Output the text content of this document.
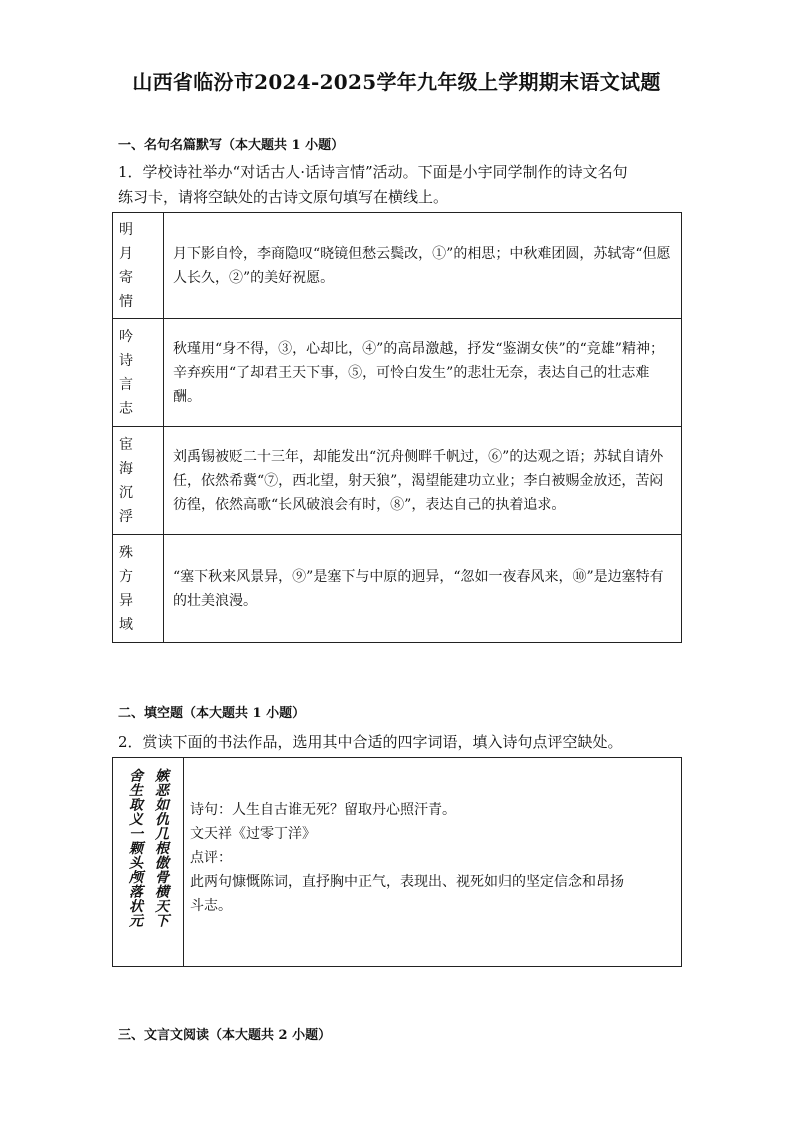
山西省临汾市2024-2025学年九年级上学期期末语文试题
一、名句名篇默写（本大题共 1 小题）
1．学校诗社举办“对话古人·话诗言情”活动。下面是小宇同学制作的诗文名句
练习卡，请将空缺处的古诗文原句填写在横线上。
明
月
寄
情	月下影自怜，李商隐叹“晓镜但愁云鬓改，①”的相思；中秋难团圆，苏轼寄“但愿人长久，②”的美好祝愿。

吟
诗
言
志	秋瑾用“身不得，③，心却比，④”的高昂激越，抒发“鉴湖女侠”的“竞雄”精神；辛弃疾用“了却君王天下事，⑤，可怜白发生”的悲壮无奈，表达自己的壮志难酬。

宦
海
沉
浮	刘禹锡被贬二十三年，却能发出“沉舟侧畔千帆过，⑥”的达观之语；苏轼自请外任，依然希冀“⑦，西北望，射天狼”，渴望能建功立业；李白被赐金放还，苦闷彷徨，依然高歌“长风破浪会有时，⑧”，表达自己的执着追求。

殊
方
异
域	“塞下秋来风景异，⑨”是塞下与中原的迥异，“忽如一夜春风来，⑩”是边塞特有的壮美浪漫。
二、填空题（本大题共 1 小题）
2．赏读下面的书法作品，选用其中合适的四字词语，填入诗句点评空缺处。
嫉恶如仇几根傲骨横天下
舍生取义一颗头颅落状元	诗句：人生自古谁无死？留取丹心照汗青。
文天祥《过零丁洋》
点评：
此两句慷慨陈词，直抒胸中正气，表现出、视死如归的坚定信念和昂扬
斗志。
三、文言文阅读（本大题共 2 小题）
